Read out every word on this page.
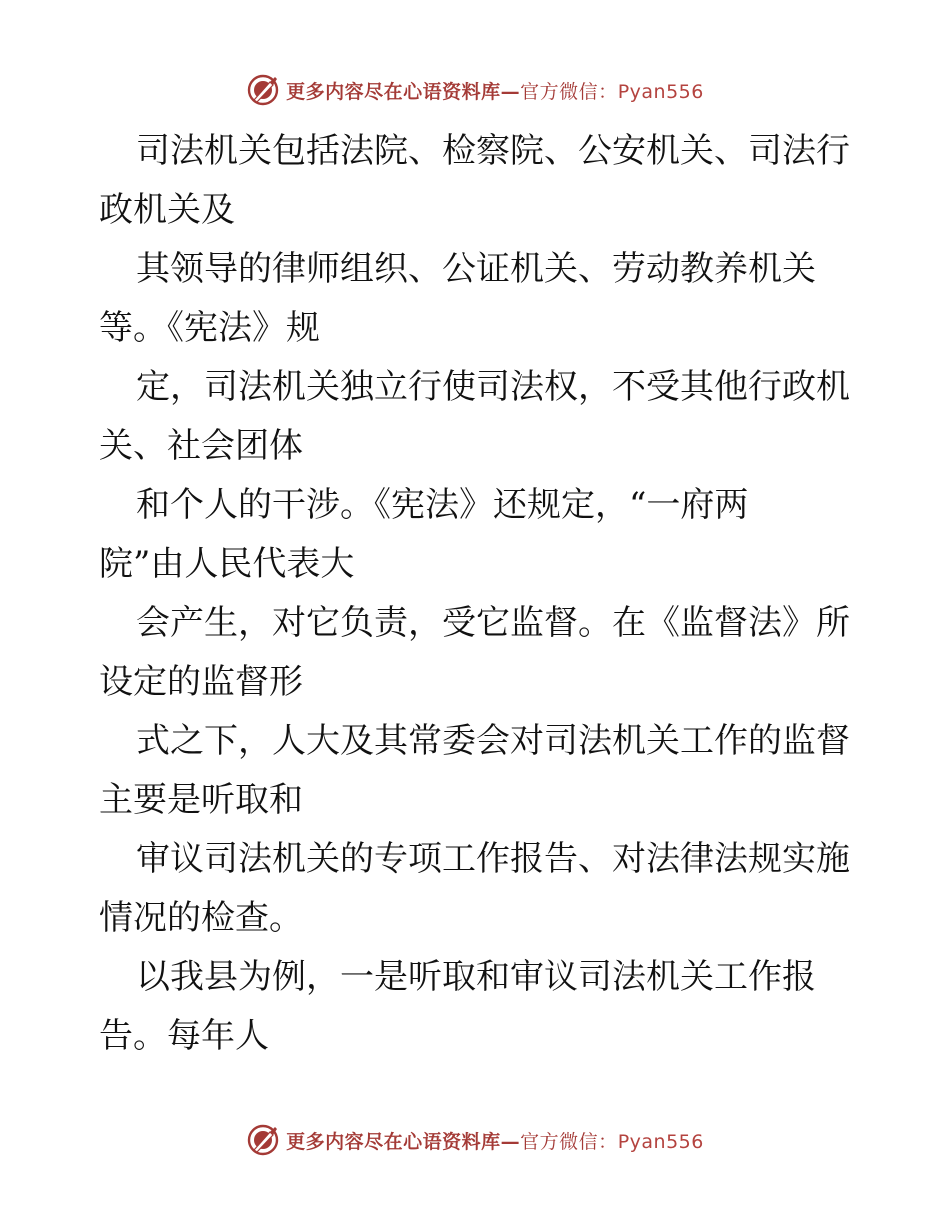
更多内容尽在心语资料库—官方微信：Pyan556
司法机关包括法院、检察院、公安机关、司法行
政机关及
其领导的律师组织、公证机关、劳动教养机关
等。《宪法》规
定，司法机关独立行使司法权，不受其他行政机
关、社会团体
和个人的干涉。《宪法》还规定，“一府两
院”由人民代表大
会产生，对它负责，受它监督。在《监督法》所
设定的监督形
式之下，人大及其常委会对司法机关工作的监督
主要是听取和
审议司法机关的专项工作报告、对法律法规实施
情况的检查。
以我县为例，一是听取和审议司法机关工作报
告。每年人
更多内容尽在心语资料库—官方微信：Pyan556
